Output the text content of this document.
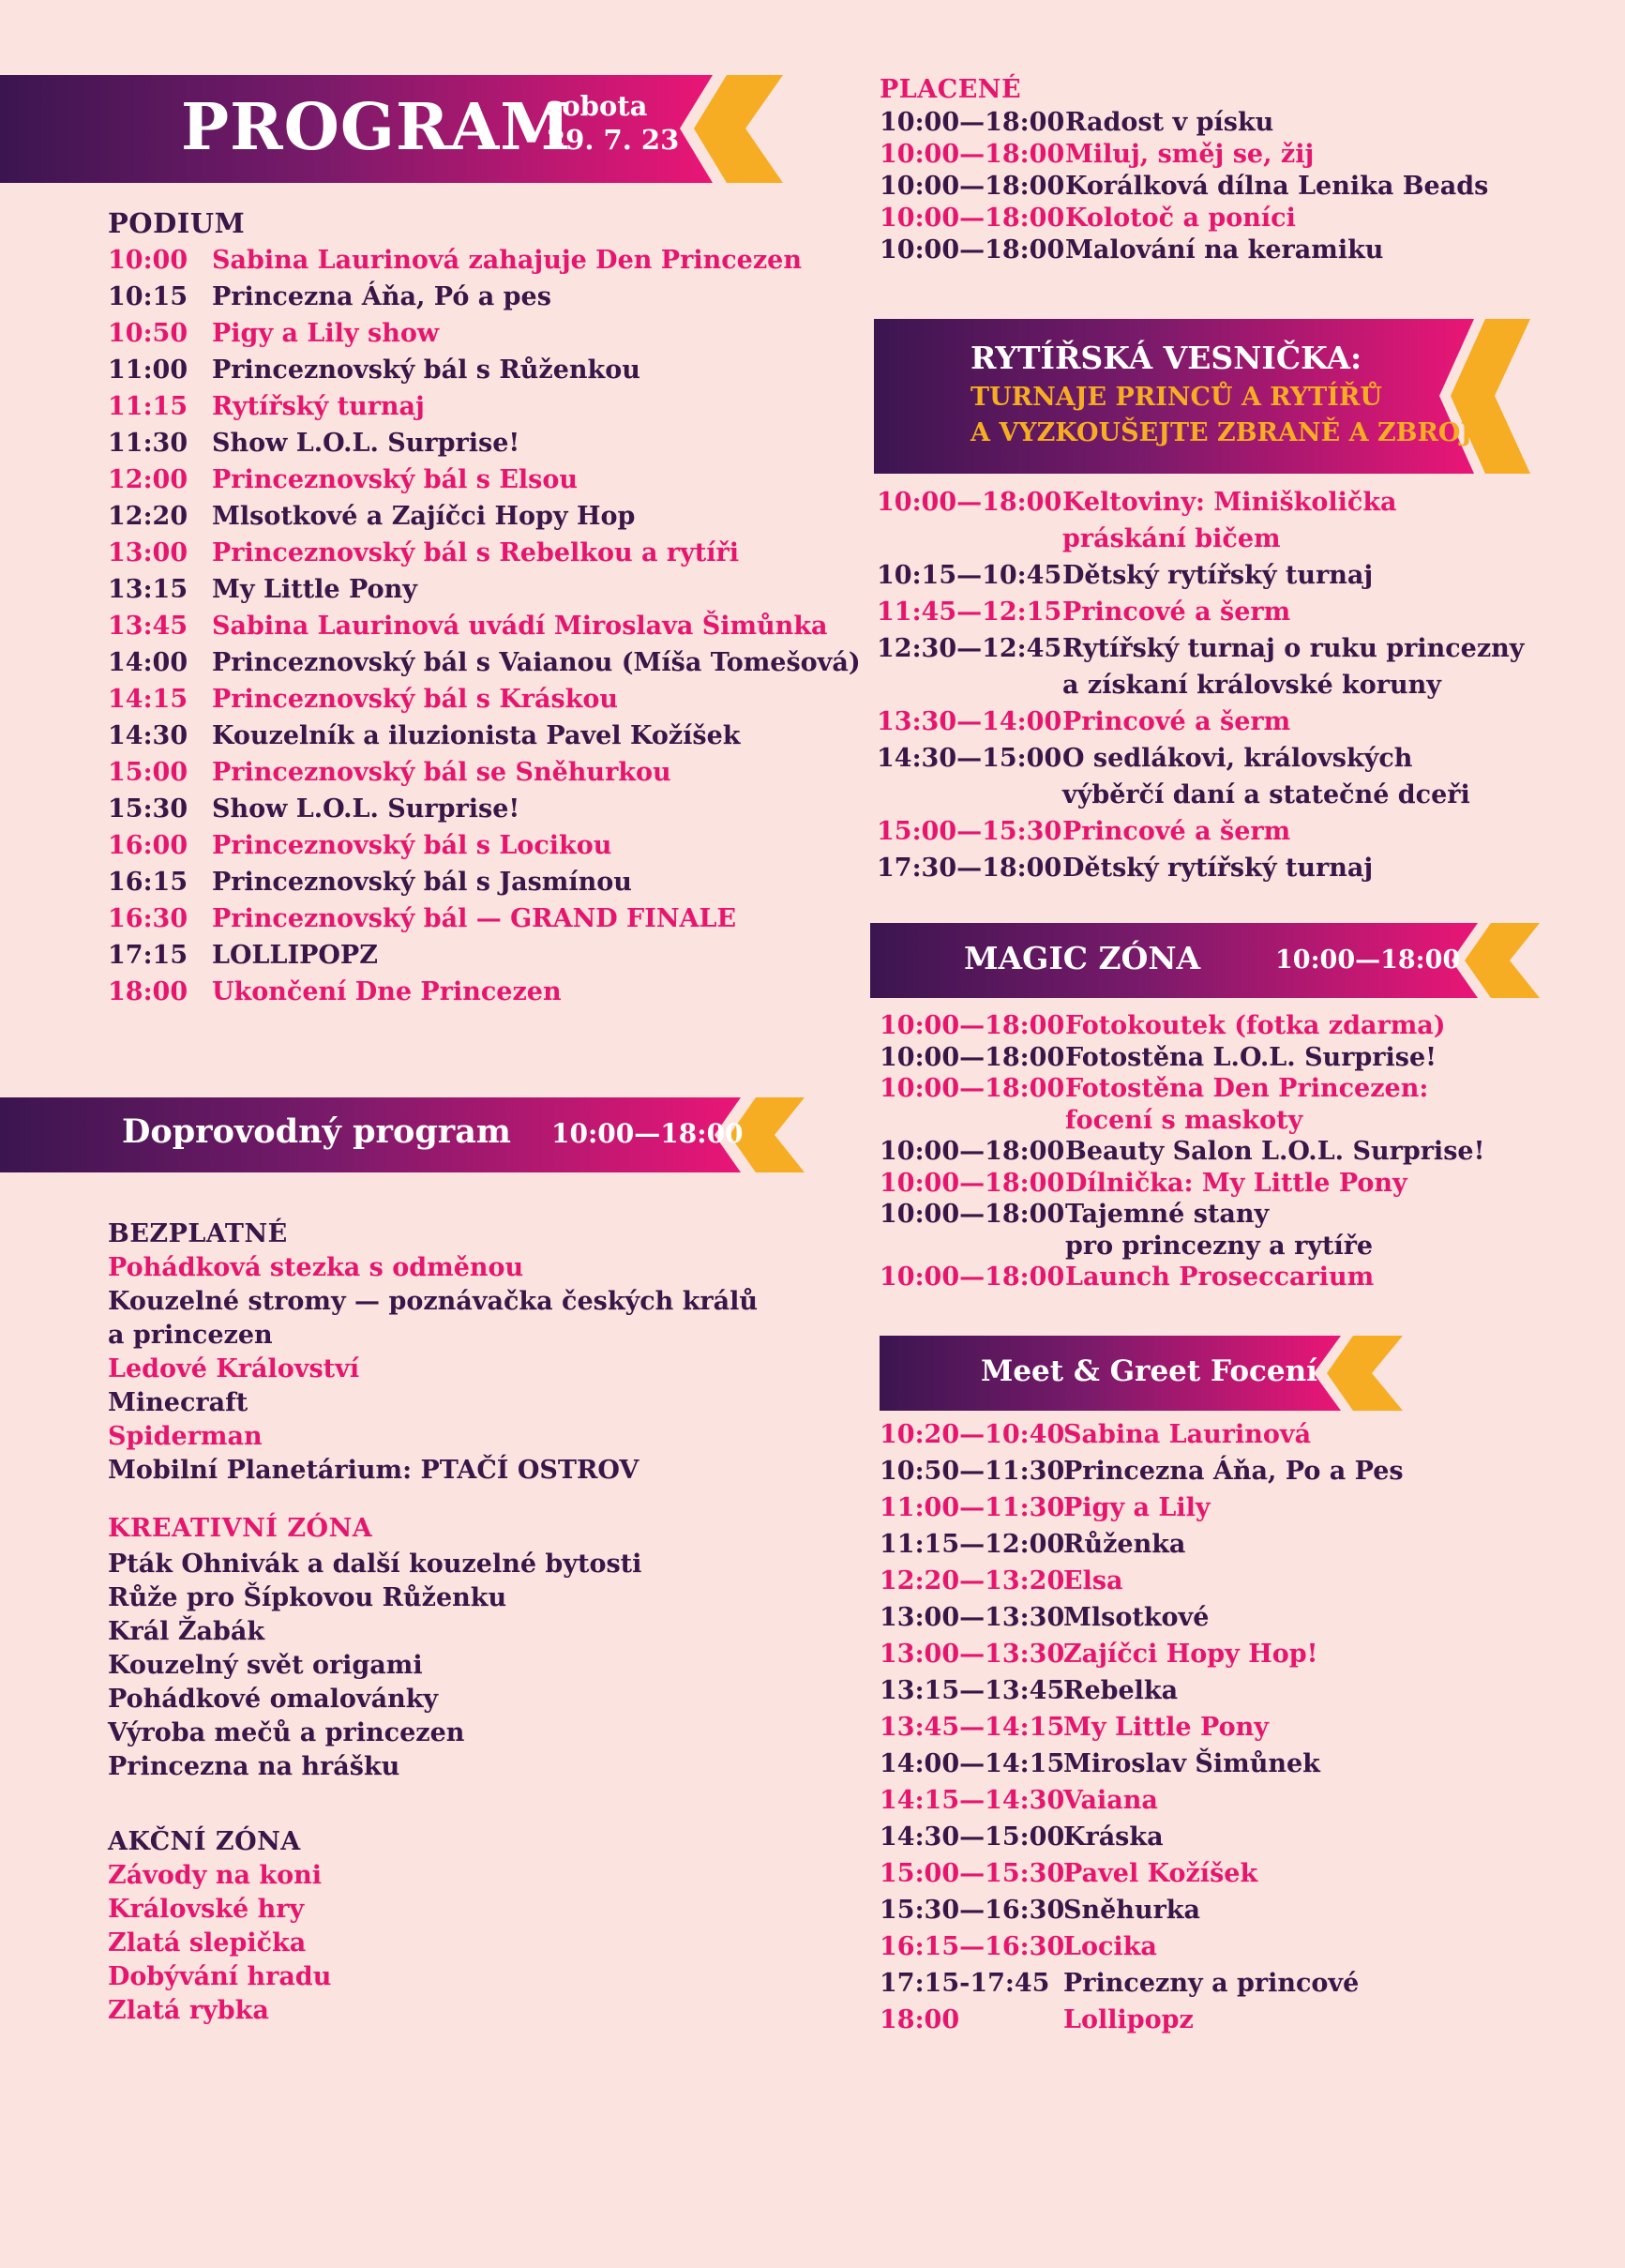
PROGRAM
sobota
29. 7. 23
PODIUM
10:00 Sabina Laurinová zahajuje Den Princezen
10:15 Princezna Áňa, Pó a pes
10:50 Pigy a Lily show
11:00 Princeznovský bál s Růženkou
11:15 Rytířský turnaj
11:30 Show L.O.L. Surprise!
12:00 Princeznovský bál s Elsou
12:20 Mlsotkové a Zajíčci Hopy Hop
13:00 Princeznovský bál s Rebelkou a rytíři
13:15 My Little Pony
13:45 Sabina Laurinová uvádí Miroslava Šimůnka
14:00 Princeznovský bál s Vaianou (Míša Tomešová)
14:15 Princeznovský bál s Kráskou
14:30 Kouzelník a iluzionista Pavel Kožíšek
15:00 Princeznovský bál se Sněhurkou
15:30 Show L.O.L. Surprise!
16:00 Princeznovský bál s Locikou
16:15 Princeznovský bál s Jasmínou
16:30 Princeznovský bál — GRAND FINALE
17:15 LOLLIPOPZ
18:00 Ukončení Dne Princezen
Doprovodný program 10:00—18:00
BEZPLATNÉ
Pohádková stezka s odměnou
Kouzelné stromy — poznávačka českých králů
a princezen
Ledové Království
Minecraft
Spiderman
Mobilní Planetárium: PTAČÍ OSTROV
KREATIVNÍ ZÓNA
Pták Ohnivák a další kouzelné bytosti
Růže pro Šípkovou Růženku
Král Žabák
Kouzelný svět origami
Pohádkové omalovánky
Výroba mečů a princezen
Princezna na hrášku
AKČNÍ ZÓNA
Závody na koni
Královské hry
Zlatá slepička
Dobývání hradu
Zlatá rybka
PLACENÉ
10:00—18:00 Radost v písku
10:00—18:00 Miluj, směj se, žij
10:00—18:00 Korálková dílna Lenika Beads
10:00—18:00 Kolotoč a poníci
10:00—18:00 Malování na keramiku
RYTÍŘSKÁ VESNIČKA:
TURNAJE PRINCŮ A RYTÍŘŮ
A VYZKOUŠEJTE ZBRANĚ A ZBROJ
10:00—18:00 Keltoviny: Miniškolička
práskání bičem
10:15—10:45 Dětský rytířský turnaj
11:45—12:15 Princové a šerm
12:30—12:45 Rytířský turnaj o ruku princezny
a získaní královské koruny
13:30—14:00 Princové a šerm
14:30—15:00 O sedlákovi, královských
výběrčí daní a statečné dceři
15:00—15:30 Princové a šerm
17:30—18:00 Dětský rytířský turnaj
MAGIC ZÓNA	10:00—18:00
10:00—18:00 Fotokoutek (fotka zdarma)
10:00—18:00 Fotostěna L.O.L. Surprise!
10:00—18:00 Fotostěna Den Princezen:
focení s maskoty
10:00—18:00 Beauty Salon L.O.L. Surprise!
10:00—18:00 Dílnička: My Little Pony
10:00—18:00 Tajemné stany
pro princezny a rytíře
10:00—18:00 Launch Proseccarium
Meet & Greet Focení
10:20—10:40
Sabina Laurinová
10:50—11:30
Princezna Áňa, Po a Pes
11:00—11:30
Pigy a Lily
11:15—12:00
Růženka
12:20—13:20
Elsa
13:00—13:30
Mlsotkové
13:00—13:30
Zajíčci Hopy Hop!
13:15—13:45
Rebelka
13:45—14:15
My Little Pony
14:00—14:15
Miroslav Šimůnek
14:15—14:30
Vaiana
14:30—15:00
Kráska
15:00—15:30
Pavel Kožíšek
15:30—16:30
Sněhurka
16:15—16:30
Locika
17:15-17:45 Princezny a princové
18:00	Lollipopz
